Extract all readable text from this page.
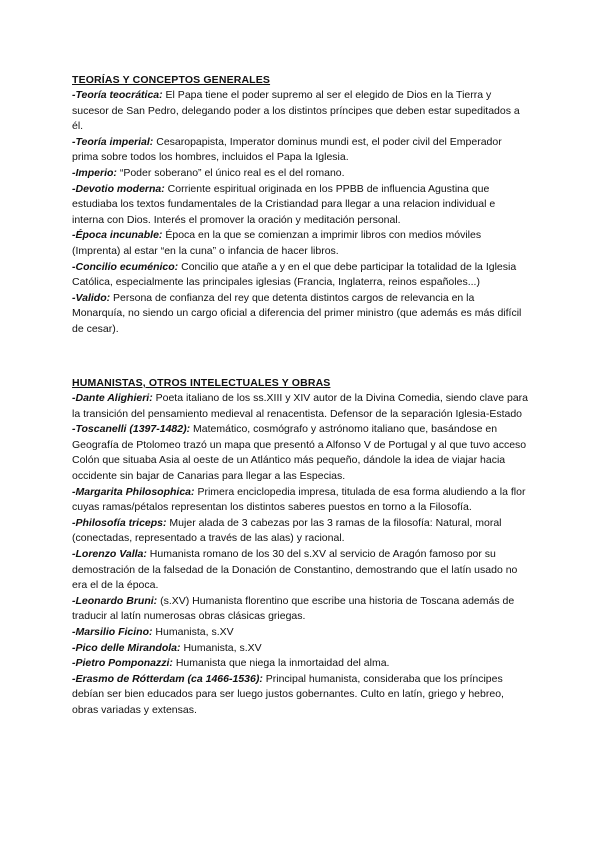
TEORÍAS Y CONCEPTOS GENERALES

-Teoría teocrática: El Papa tiene el poder supremo al ser el elegido de Dios en la Tierra y sucesor de San Pedro, delegando poder a los distintos príncipes que deben estar supeditados a él.

-Teoría imperial: Cesaropapista, Imperator dominus mundi est, el poder civil del Emperador prima sobre todos los hombres, incluidos el Papa la Iglesia.

-Imperio: “Poder soberano” el único real es el del romano.

-Devotio moderna: Corriente espiritual originada en los PPBB de influencia Agustina que estudiaba los textos fundamentales de la Cristiandad para llegar a una relacion individual e interna con Dios. Interés el promover la oración y meditación personal.

-Época incunable: Época en la que se comienzan a imprimir libros con medios móviles (Imprenta) al estar “en la cuna” o infancia de hacer libros.

-Concilio ecuménico: Concilio que atañe a y en el que debe participar la totalidad de la Iglesia Católica, especialmente las principales iglesias (Francia, Inglaterra, reinos españoles...)

-Valido: Persona de confianza del rey que detenta distintos cargos de relevancia en la Monarquía, no siendo un cargo oficial a diferencia del primer ministro (que además es más difícil de cesar).

HUMANISTAS, OTROS INTELECTUALES Y OBRAS

-Dante Alighieri: Poeta italiano de los ss.XIII y XIV autor de la Divina Comedia, siendo clave para la transición del pensamiento medieval al renacentista. Defensor de la separación Iglesia-Estado

-Toscanelli (1397-1482): Matemático, cosmógrafo y astrónomo italiano que, basándose en Geografía de Ptolomeo trazó un mapa que presentó a Alfonso V de Portugal y al que tuvo acceso Colón que situaba Asia al oeste de un Atlántico más pequeño, dándole la idea de viajar hacia occidente sin bajar de Canarias para llegar a las Especias.

-Margarita Philosophica: Primera enciclopedia impresa, titulada de esa forma aludiendo a la flor cuyas ramas/pétalos representan los distintos saberes puestos en torno a la Filosofía.

-Philosofía triceps: Mujer alada de 3 cabezas por las 3 ramas de la filosofía: Natural, moral (conectadas, representado a través de las alas) y racional.

-Lorenzo Valla: Humanista romano de los 30 del s.XV al servicio de Aragón famoso por su demostración de la falsedad de la Donación de Constantino, demostrando que el latín usado no era el de la época.

-Leonardo Bruni: (s.XV) Humanista florentino que escribe una historia de Toscana además de traducir al latín numerosas obras clásicas griegas.

-Marsilio Ficino: Humanista, s.XV

-Pico delle Mirandola: Humanista, s.XV

-Pietro Pomponazzi: Humanista que niega la inmortaidad del alma.

-Erasmo de Rótterdam (ca 1466-1536): Principal humanista, consideraba que los príncipes debían ser bien educados para ser luego justos gobernantes. Culto en latín, griego y hebreo, obras variadas y extensas.
